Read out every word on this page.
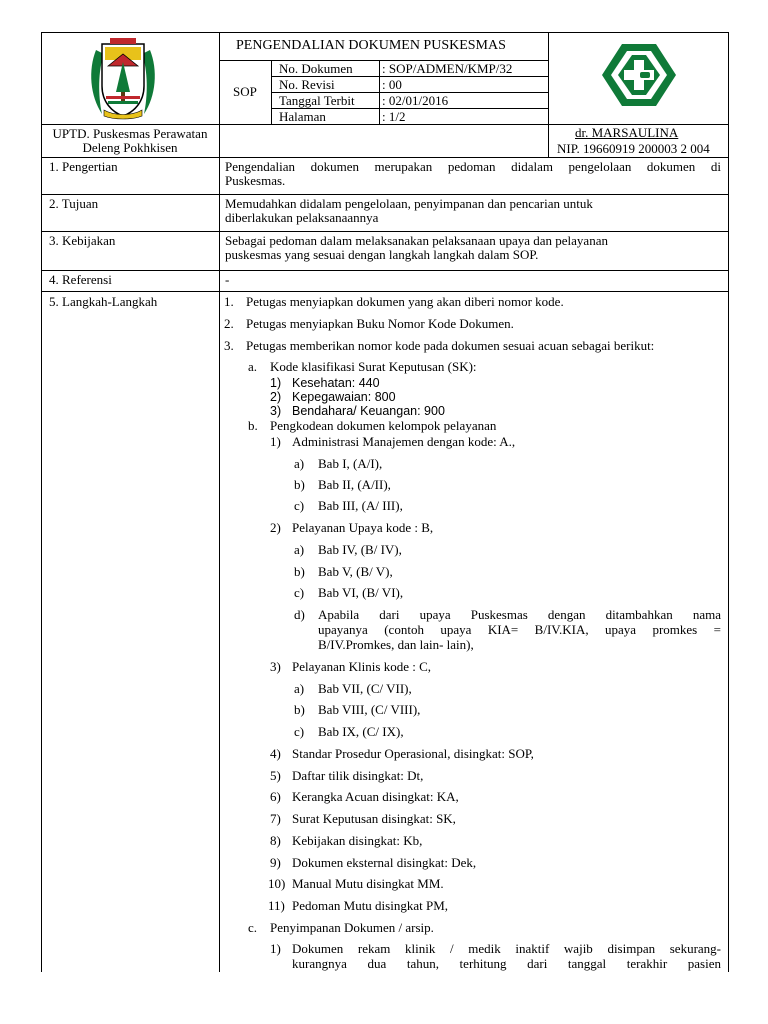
PENGENDALIAN DOKUMEN PUSKESMAS
SOP
No. Dokumen : SOP/ADMEN/KMP/32
No. Revisi	: 00
Tanggal Terbit : 02/01/2016
Halaman	: 1/2
UPTD. Puskesmas Perawatan
Deleng Pokhkisen
dr. MARSAULINA
NIP. 19660919 200003 2 004
1. Pengertian
2. Tujuan
3. Kebijakan
4. Referensi
5. Langkah-Langkah
Pengendalian dokumen merupakan pedoman didalam pengelolaan dokumen di
Puskesmas.
Memudahkan didalam pengelolaan, penyimpanan dan pencarian untuk
diberlakukan pelaksanaannya
Sebagai pedoman dalam melaksanakan pelaksanaan upaya dan pelayanan
puskesmas yang sesuai dengan langkah langkah dalam SOP.
-
1. Petugas menyiapkan dokumen yang akan diberi nomor kode.
2. Petugas menyiapkan Buku Nomor Kode Dokumen.
3. Petugas memberikan nomor kode pada dokumen sesuai acuan sebagai berikut:
a. Kode klasifikasi Surat Keputusan (SK):
1) Kesehatan: 440
2) Kepegawaian: 800
3) Bendahara/ Keuangan: 900
b. Pengkodean dokumen kelompok pelayanan
1) Administrasi Manajemen dengan kode: A.,
a) Bab I, (A/I),
b) Bab II, (A/II),
c) Bab III, (A/ III),
2) Pelayanan Upaya kode : B,
a) Bab IV, (B/ IV),
b) Bab V, (B/ V),
c) Bab VI, (B/ VI),
d) Apabila dari upaya Puskesmas dengan ditambahkan nama
upayanya (contoh upaya KIA= B/IV.KIA, upaya promkes =
B/IV.Promkes, dan lain- lain),
3) Pelayanan Klinis kode : C,
a) Bab VII, (C/ VII),
b) Bab VIII, (C/ VIII),
c) Bab IX, (C/ IX),
4) Standar Prosedur Operasional, disingkat: SOP,
5) Daftar tilik disingkat: Dt,
6) Kerangka Acuan disingkat: KA,
7) Surat Keputusan disingkat: SK,
8) Kebijakan disingkat: Kb,
9) Dokumen eksternal disingkat: Dek,
10) Manual Mutu disingkat MM.
11) Pedoman Mutu disingkat PM,
c. Penyimpanan Dokumen / arsip.
1) Dokumen rekam klinik / medik inaktif wajib disimpan sekurang-
kurangnya dua tahun, terhitung dari tanggal terakhir pasien
